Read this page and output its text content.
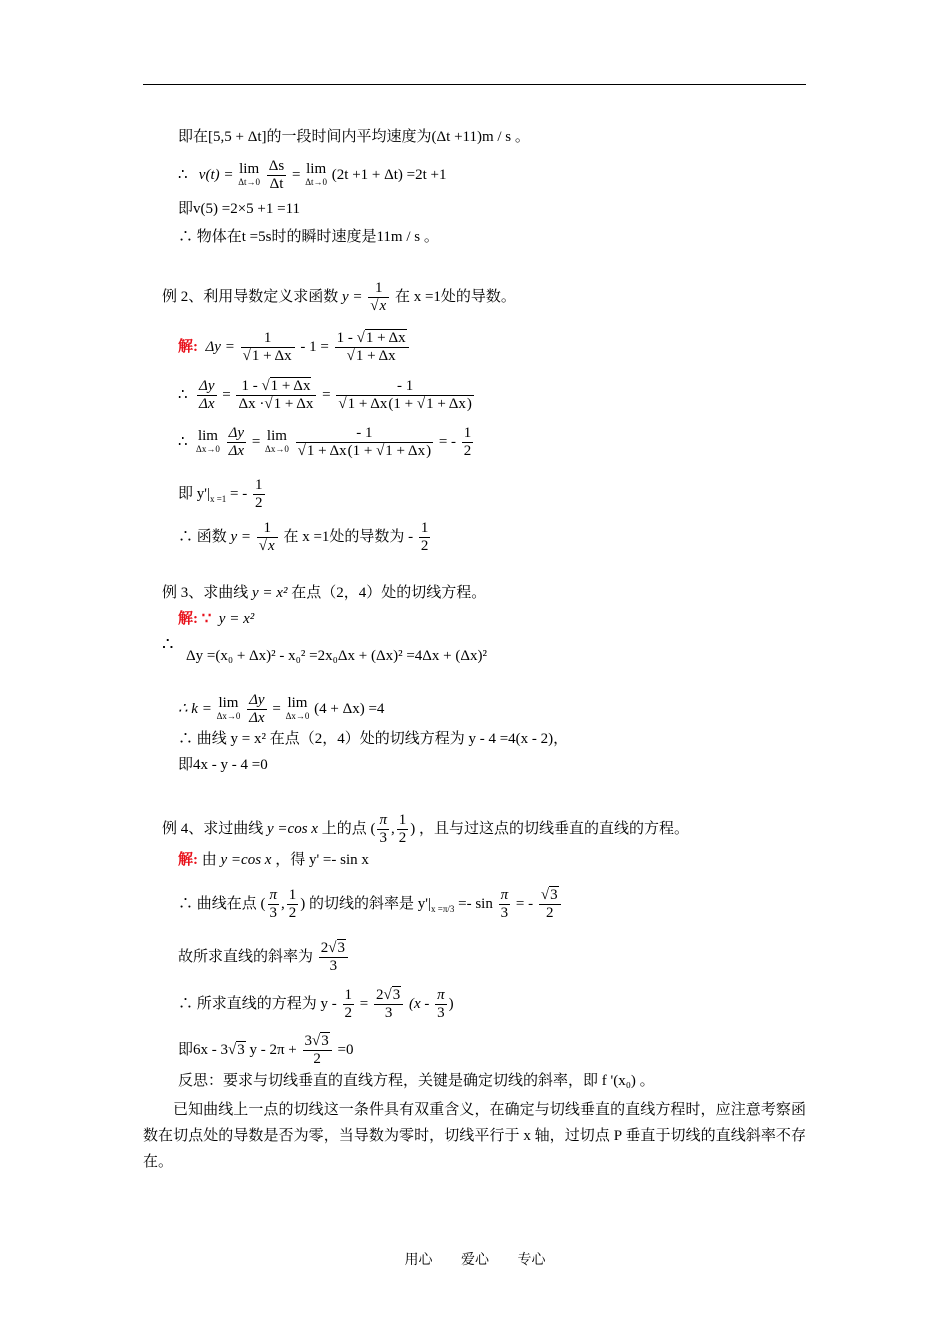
即在[5,5 + Δt]的一段时间内平均速度为(Δt +11)m / s 。
∴ v(t) = lim
Δt→0
$\frac{\Delta s}{\Delta t} = \lim$
Δt→0 (2t +1 + Δt) =2t +1
即v(5) =2×5 +1 =11
∴ 物体在t =5s时的瞬时速度是11m / s 。
例 2、利用导数定义求函数 $y = \frac{1}{√x}$ 在 x =1处的导数。
解: $\Delta y = \frac{1}{√1 + \Delta x} - 1 = \frac{1 - √1 + \Delta x}{√1 + \Delta x}$
∴ $\frac{\Delta y}{\Delta x} = \frac{1 - √1 + \Delta x}{\Delta x \cdot√1 + \Delta x} = \frac{- 1}{√1 + \Delta x(1 + √1 + \Delta x)}$
∴ lim
Δx→0
$\frac{\Delta y}{\Delta x} = \lim$
Δx→0
$\frac{- 1}{√1 + \Delta x(1 + √1 + \Delta x)}$ = - $\frac{1}{2}$
即 $y'|_{x =1}$ = - $\frac{1}{2}$
∴ 函数 $y = \frac{1}{√x}$ 在 x =1处的导数为 - $\frac{1}{2}$
例 3、求曲线 y = x² 在点（2，4）处的切线方程。
解: ∵ y = x²
∴
Δy =(x₀ + Δx)² - x₀² =2x₀Δx + (Δx)² =4Δx + (Δx)²
∴ k = lim
Δx→0
$\frac{\Delta y}{\Delta x} = \lim$
Δx→0 (4 + Δx) =4
∴ 曲线 y = x² 在点（2，4）处的切线方程为 y - 4 =4(x - 2)，
即4x - y - 4 =0
例 4、求过曲线 y =cos x 上的点 ( $\frac{\pi}{3}$ , $\frac{1}{2}$ ) ，且与过这点的切线垂直的直线的方程。
解: 由 y =cos x ，得 y' =- sin x
∴ 曲线在点 ( $\frac{\pi}{3}$ , $\frac{1}{2}$ ) 的切线的斜率是 $y'|_{x =\pi/3} =- \sin \frac{\pi}{3}$ = - $\frac{√3}{2}$
故所求直线的斜率为 $\frac{2√3}{3}$
∴ 所求直线的方程为 $y - \frac{1}{2} = \frac{2√3}{3} (x - \frac{\pi}{3}$ )
即6x - 3√3 $y - 2\pi + \frac{3√3}{2} =0$
反思：要求与切线垂直的直线方程，关键是确定切线的斜率，即 f '(x₀) 。
已知曲线上一点的切线这一条件具有双重含义，在确定与切线垂直的直线方程时，应注意考察函数在切点处的导数是否为零，当导数为零时，切线平行于 x 轴，过切点 P 垂直于切线的直线斜率不存在。
用心 爱心 专心
